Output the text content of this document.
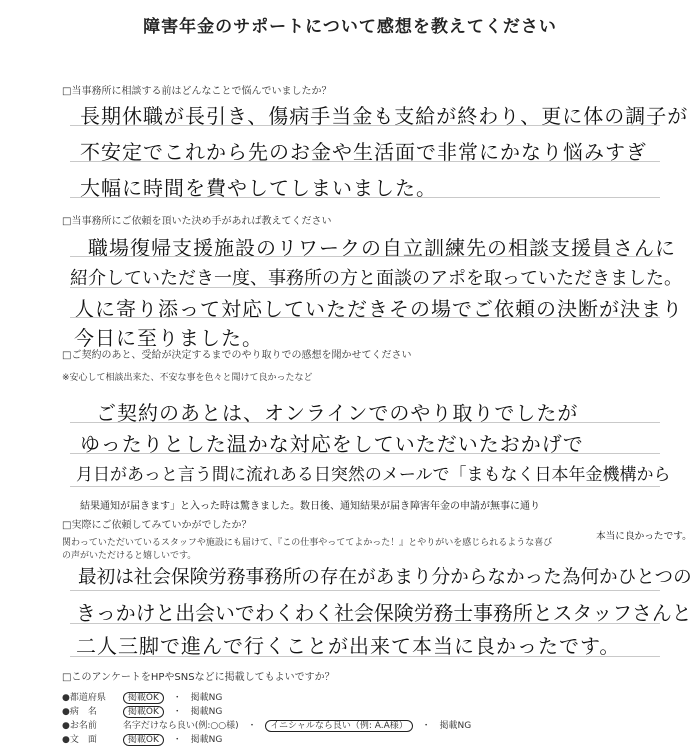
障害年金のサポートについて感想を教えてください
□当事務所に相談する前はどんなことで悩んでいましたか？
長期休職が長引き、傷病手当金も支給が終わり、更に体の調子が
不安定でこれから先のお金や生活面で非常にかなり悩みすぎ
大幅に時間を費やしてしまいました。
□当事務所にご依頼を頂いた決め手があれば教えてください
職場復帰支援施設のリワークの自立訓練先の相談支援員さんに
紹介していただき一度、事務所の方と面談のアポを取っていただきました。
人に寄り添って対応していただきその場でご依頼の決断が決まり
今日に至りました。
□ご契約のあと、受給が決定するまでのやり取りでの感想を聞かせてください
※安心して相談出来た、不安な事を色々と聞けて良かったなど
ご契約のあとは、オンラインでのやり取りでしたが
ゆったりとした温かな対応をしていただいたおかげで
月日があっと言う間に流れある日突然のメールで「まもなく日本年金機構から
結果通知が届きます」と入った時は驚きました。数日後、通知結果が届き障害年金の申請が無事に通り
本当に良かったです。
□実際にご依頼してみていかがでしたか？
関わっていただいているスタッフや施設にも届けて、『この仕事やっててよかった！』とやりがいを感じられるような喜び
の声がいただけると嬉しいです。
最初は社会保険労務事務所の存在があまり分からなかった為何かひとつの
きっかけと出会いでわくわく社会保険労務士事務所とスタッフさんと
二人三脚で進んで行くことが出来て本当に良かったです。
□このアンケートをHPやSNSなどに掲載してもよいですか？
●都道府県 掲載OK ・ 掲載NG
●病　名	掲載OK ・ 掲載NG
●お名前	名字だけなら良い(例:○○様) ・ イニシャルなら良い（例: A.A様） ・ 掲載NG
●文　面	掲載OK ・ 掲載NG
